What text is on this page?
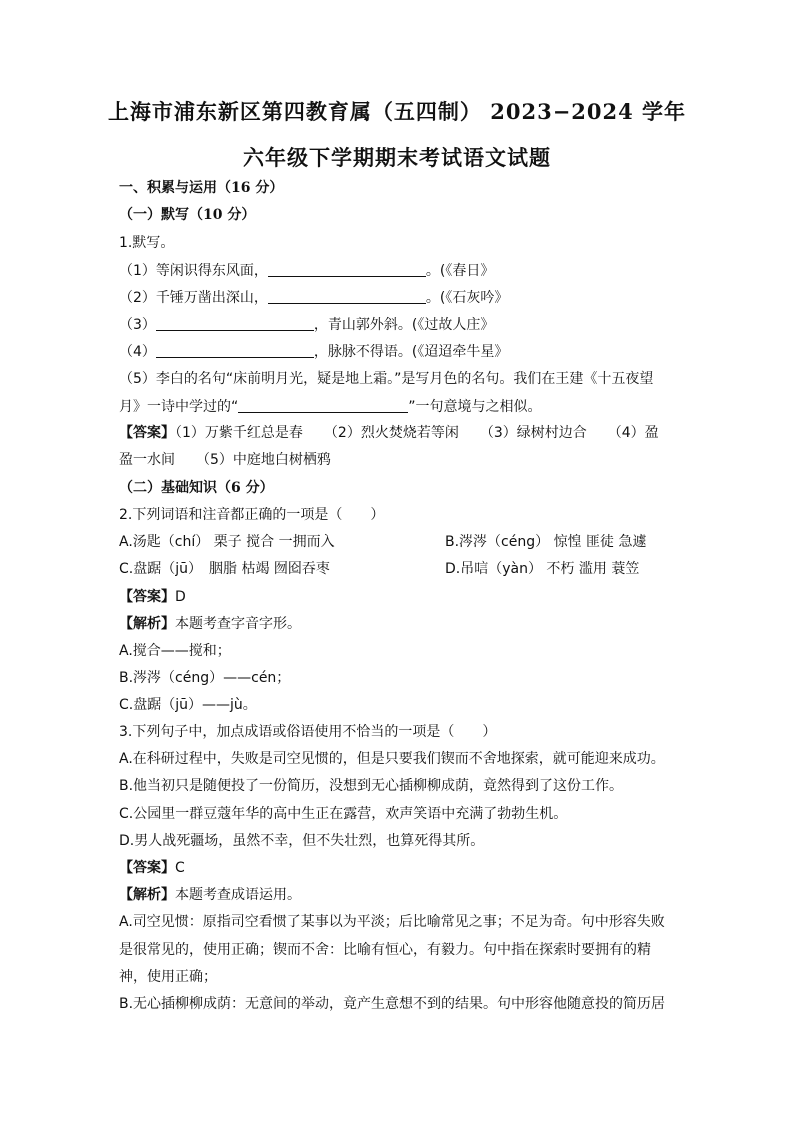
上海市浦东新区第四教育属（五四制） 2023−2024 学年
六年级下学期期末考试语文试题
一、积累与运用（16 分）
（一）默写（10 分）
1.默写。
（1）等闲识得东风面，	。(《春日》
（2）千锤万凿出深山，	。(《石灰吟》
（3）	，青山郭外斜。(《过故人庄》
（4）	，脉脉不得语。(《迢迢牵牛星》
（5）李白的名句“床前明月光，疑是地上霜。”是写月色的名句。我们在王建《十五夜望
月》一诗中学过的“	”一句意境与之相似。
【答案】（1）万紫千红总是春　　（2）烈火焚烧若等闲　　（3）绿树村边合　　（4）盈
盈一水间　　（5）中庭地白树栖鸦
（二）基础知识（6 分）
2.下列词语和注音都正确的一项是（　　）
A.汤匙（chí） 栗子 搅合 一拥而入	B.涔涔（céng） 惊惶 匪徒 急遽
C.盘踞（jū）　胭脂 枯竭 囫囵吞枣	D.吊唁（yàn） 不朽 滥用 蓑笠
【答案】D
【解析】本题考查字音字形。
A.搅合——搅和；
B.涔涔（céng）——cén；
C.盘踞（jū）——jù。
3.下列句子中，加点成语或俗语使用不恰当的一项是（　　）
A.在科研过程中，失败是司空见惯的，但是只要我们锲而不舍地探索，就可能迎来成功。
B.他当初只是随便投了一份简历，没想到无心插柳柳成荫，竟然得到了这份工作。
C.公园里一群豆蔻年华的高中生正在露营，欢声笑语中充满了勃勃生机。
D.男人战死疆场，虽然不幸，但不失壮烈，也算死得其所。
【答案】C
【解析】本题考查成语运用。
A.司空见惯：原指司空看惯了某事以为平淡；后比喻常见之事；不足为奇。句中形容失败
是很常见的，使用正确；锲而不舍：比喻有恒心，有毅力。句中指在探索时要拥有的精
神，使用正确；
B.无心插柳柳成荫：无意间的举动，竟产生意想不到的结果。句中形容他随意投的简历居
